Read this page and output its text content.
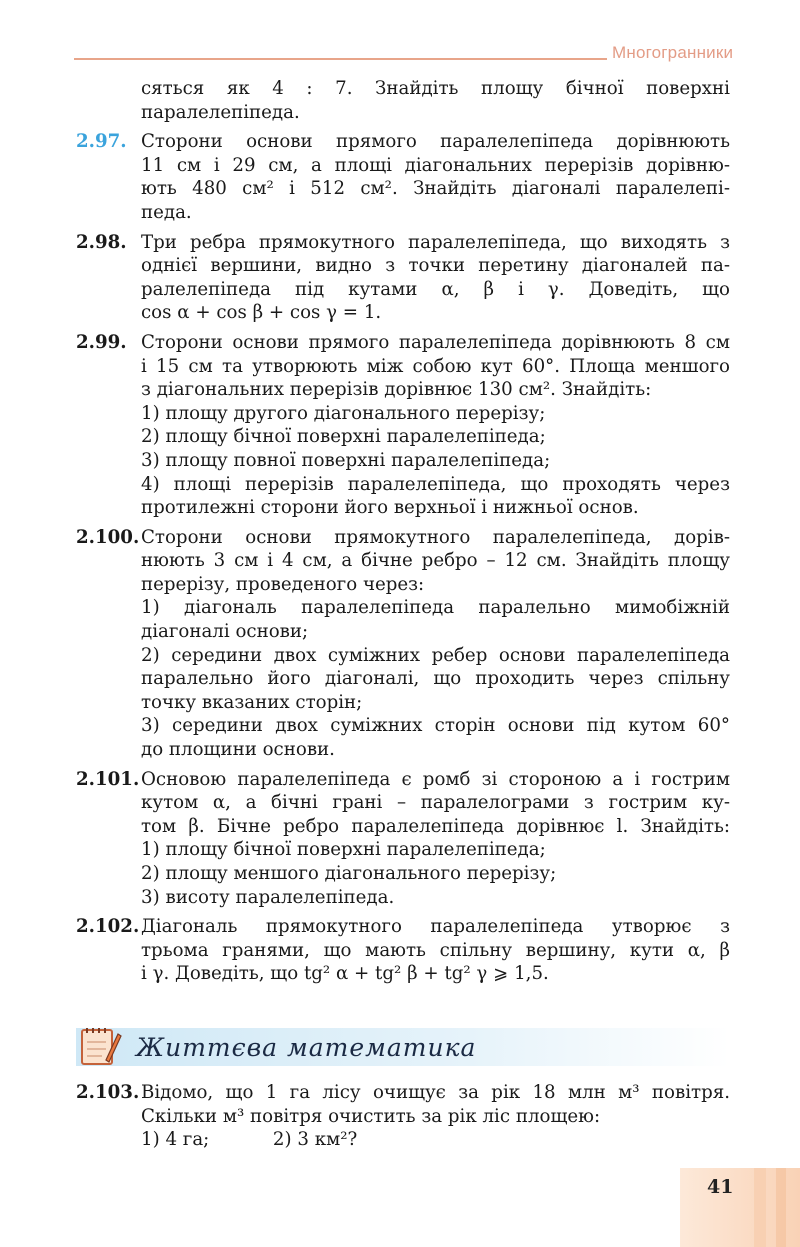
Многогранники
сяться як 4 : 7. Знайдіть площу бічної поверхні
паралелепіпеда.
2.97. Сторони основи прямого паралелепіпеда дорівнюють
11 см і 29 см, а площі діагональних перерізів дорівню-
ють 480 см² і 512 см². Знайдіть діагоналі паралелепі-
педа.
2.98. Три ребра прямокутного паралелепіпеда, що виходять з
однієї вершини, видно з точки перетину діагоналей па-
ралелепіпеда під кутами α, β і γ. Доведіть, що
cos α + cos β + cos γ = 1.
2.99. Сторони основи прямого паралелепіпеда дорівнюють 8 см
і 15 см та утворюють між собою кут 60°. Площа меншого
з діагональних перерізів дорівнює 130 см². Знайдіть:
1) площу другого діагонального перерізу;
2) площу бічної поверхні паралелепіпеда;
3) площу повної поверхні паралелепіпеда;
4) площі перерізів паралелепіпеда, що проходять через
протилежні сторони його верхньої і нижньої основ.
2.100. Сторони основи прямокутного паралелепіпеда, дорів-
нюють 3 см і 4 см, а бічне ребро – 12 см. Знайдіть площу
перерізу, проведеного через:
1) діагональ паралелепіпеда паралельно мимобіжній
діагоналі основи;
2) середини двох суміжних ребер основи паралелепіпеда
паралельно його діагоналі, що проходить через спільну
точку вказаних сторін;
3) середини двох суміжних сторін основи під кутом 60°
до площини основи.
2.101. Основою паралелепіпеда є ромб зі стороною a і гострим
кутом α, а бічні грані – паралелограми з гострим ку-
том β. Бічне ребро паралелепіпеда дорівнює l. Знайдіть:
1) площу бічної поверхні паралелепіпеда;
2) площу меншого діагонального перерізу;
3) висоту паралелепіпеда.
2.102. Діагональ прямокутного паралелепіпеда утворює з
трьома гранями, що мають спільну вершину, кути α, β
і γ. Доведіть, що tg² α + tg² β + tg² γ ⩾ 1,5.
Життєва математика
2.103. Відомо, що 1 га лісу очищує за рік 18 млн м³ повітря.
Скільки м³ повітря очистить за рік ліс площею:
1) 4 га;	2) 3 км²?
41
